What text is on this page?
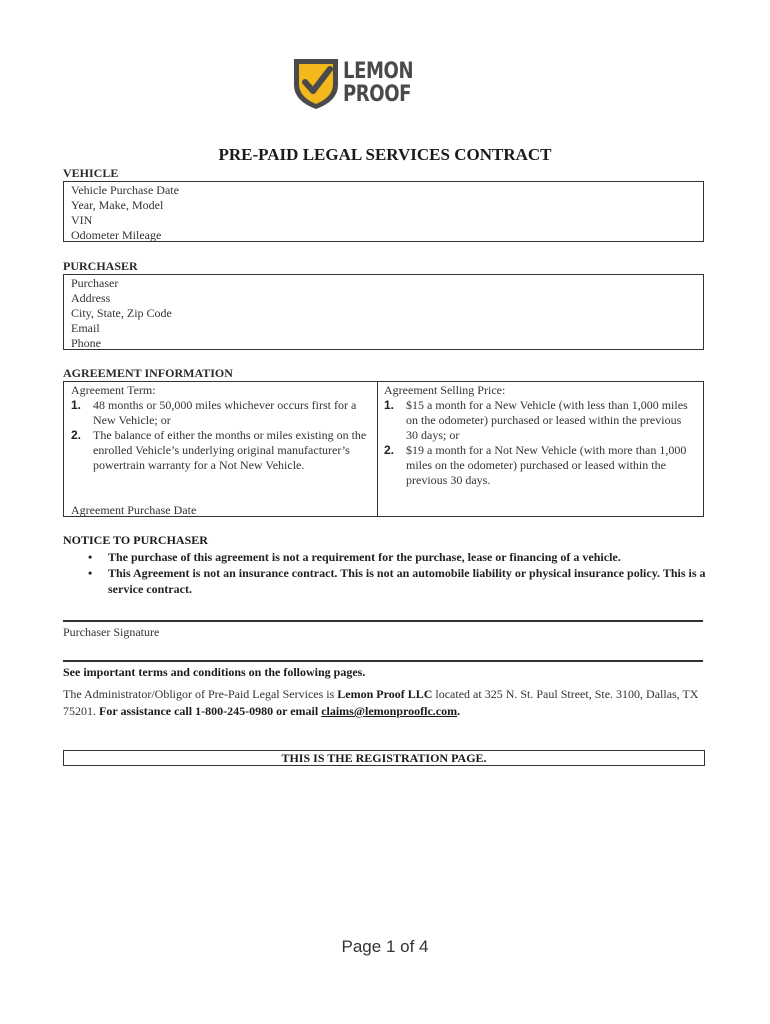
LEMON
PROOF
PRE-PAID LEGAL SERVICES CONTRACT
VEHICLE
Vehicle Purchase Date
Year, Make, Model
VIN
Odometer Mileage
PURCHASER
Purchaser
Address
City, State, Zip Code
Email
Phone
AGREEMENT INFORMATION
Agreement Term:
1. 48 months or 50,000 miles whichever occurs first for a New Vehicle; or
2. The balance of either the months or miles existing on the enrolled Vehicle’s underlying original manufacturer’s powertrain warranty for a Not New Vehicle.
Agreement Selling Price:
1. $15 a month for a New Vehicle (with less than 1,000 miles on the odometer) purchased or leased within the previous 30 days; or
2. $19 a month for a Not New Vehicle (with more than 1,000 miles on the odometer) purchased or leased within the previous 30 days.
Agreement Purchase Date
NOTICE TO PURCHASER
• The purchase of this agreement is not a requirement for the purchase, lease or financing of a vehicle.
• This Agreement is not an insurance contract. This is not an automobile liability or physical insurance policy. This is a service contract.
Purchaser Signature
See important terms and conditions on the following pages.
The Administrator/Obligor of Pre-Paid Legal Services is Lemon Proof LLC located at 325 N. St. Paul Street, Ste. 3100, Dallas, TX 75201. For assistance call 1-800-245-0980 or email claims@lemonprooflc.com.
THIS IS THE REGISTRATION PAGE.
Page 1 of 4
